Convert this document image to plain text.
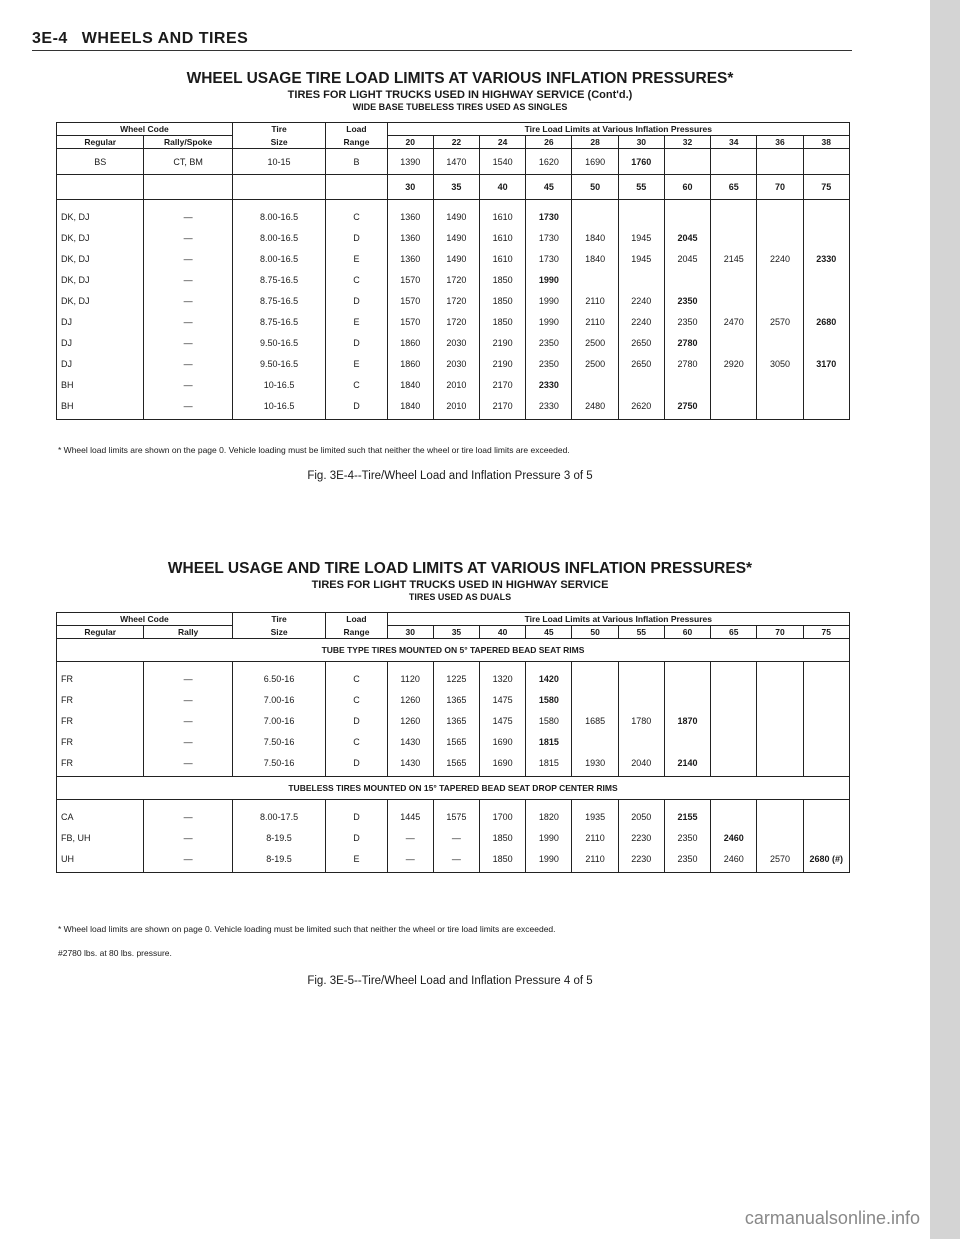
3E-4 WHEELS AND TIRES
WHEEL USAGE TIRE LOAD LIMITS AT VARIOUS INFLATION PRESSURES*
TIRES FOR LIGHT TRUCKS USED IN HIGHWAY SERVICE (Cont'd.)
WIDE BASE TUBELESS TIRES USED AS SINGLES
Wheel Code		Tire	Load	Tire Load Limits at Various Inflation Pressures									
Regular	Rally/Spoke	Size	Range	20	22	24	26	28	30	32	34	36	38
BS	CT, BM	10-15	B	1390	1470	1540	1620	1690	1760				
				30	35	40	45	50	55	60	65	70	75
DK, DJ	—	8.00-16.5	C	1360	1490	1610	1730						
DK, DJ	—	8.00-16.5	D	1360	1490	1610	1730	1840	1945	2045			
DK, DJ	—	8.00-16.5	E	1360	1490	1610	1730	1840	1945	2045	2145	2240	2330
DK, DJ	—	8.75-16.5	C	1570	1720	1850	1990						
DK, DJ	—	8.75-16.5	D	1570	1720	1850	1990	2110	2240	2350			
DJ	—	8.75-16.5	E	1570	1720	1850	1990	2110	2240	2350	2470	2570	2680
DJ	—	9.50-16.5	D	1860	2030	2190	2350	2500	2650	2780			
DJ	—	9.50-16.5	E	1860	2030	2190	2350	2500	2650	2780	2920	3050	3170
BH	—	10-16.5	C	1840	2010	2170	2330						
BH	—	10-16.5	D	1840	2010	2170	2330	2480	2620	2750			
* Wheel load limits are shown on the page 0. Vehicle loading must be limited such that neither the wheel or tire load limits are exceeded.
Fig. 3E-4--Tire/Wheel Load and Inflation Pressure 3 of 5
WHEEL USAGE AND TIRE LOAD LIMITS AT VARIOUS INFLATION PRESSURES*
TIRES FOR LIGHT TRUCKS USED IN HIGHWAY SERVICE
TIRES USED AS DUALS
Wheel Code		Tire	Load	Tire Load Limits at Various Inflation Pressures									
Regular	Rally	Size	Range	30	35	40	45	50	55	60	65	70	75
TUBE TYPE TIRES MOUNTED ON 5° TAPERED BEAD SEAT RIMS													
FR	—	6.50-16	C	1120	1225	1320	1420						
FR	—	7.00-16	C	1260	1365	1475	1580						
FR	—	7.00-16	D	1260	1365	1475	1580	1685	1780	1870			
FR	—	7.50-16	C	1430	1565	1690	1815						
FR	—	7.50-16	D	1430	1565	1690	1815	1930	2040	2140			
TUBELESS TIRES MOUNTED ON 15° TAPERED BEAD SEAT DROP CENTER RIMS													
CA	—	8.00-17.5	D	1445	1575	1700	1820	1935	2050	2155			
FB, UH	—	8-19.5	D	—	—	1850	1990	2110	2230	2350	2460		
UH	—	8-19.5	E	—	—	1850	1990	2110	2230	2350	2460	2570	2680 (#)
* Wheel load limits are shown on page 0. Vehicle loading must be limited such that neither the wheel or tire load limits are exceeded.
#2780 lbs. at 80 lbs. pressure.
Fig. 3E-5--Tire/Wheel Load and Inflation Pressure 4 of 5
carmanualsonline.info
